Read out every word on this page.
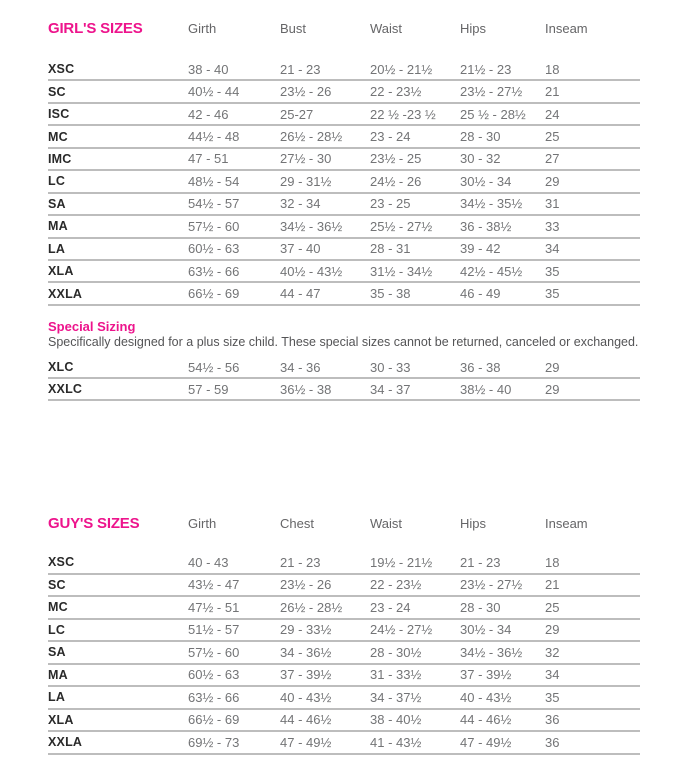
GIRL'S SIZES	Girth	Bust	Waist	Hips	Inseam
XSC	38 - 40	21 - 23	20½ - 21½	21½ - 23	18
SC	40½ - 44	23½ - 26	22 - 23½	23½ - 27½	21
ISC	42 - 46	25-27	22 ½ -23 ½	25 ½ - 28½	24
MC	44½ - 48	26½ - 28½	23 - 24	28 - 30	25
IMC	47 - 51	27½ - 30	23½ - 25	30 - 32	27
LC	48½ - 54	29 - 31½	24½ - 26	30½ - 34	29
SA	54½ - 57	32 - 34	23 - 25	34½ - 35½	31
MA	57½ - 60	34½ - 36½	25½ - 27½	36 - 38½	33
LA	60½ - 63	37 - 40	28 - 31	39 - 42	34
XLA	63½ - 66	40½ - 43½	31½ - 34½	42½ - 45½	35
XXLA	66½ - 69	44 - 47	35 - 38	46 - 49	35
Special Sizing
Specifically designed for a plus size child. These special sizes cannot be returned, canceled or exchanged.
XLC	54½ - 56	34 - 36	30 - 33	36 - 38	29
XXLC	57 - 59	36½ - 38	34 - 37	38½ - 40	29
GUY'S SIZES	Girth	Chest	Waist	Hips	Inseam
XSC	40 - 43	21 - 23	19½ - 21½	21 - 23	18
SC	43½ - 47	23½ - 26	22 - 23½	23½ - 27½	21
MC	47½ - 51	26½ - 28½	23 - 24	28 - 30	25
LC	51½ - 57	29 - 33½	24½ - 27½	30½ - 34	29
SA	57½ - 60	34 - 36½	28 - 30½	34½ - 36½	32
MA	60½ - 63	37 - 39½	31 - 33½	37 - 39½	34
LA	63½ - 66	40 - 43½	34 - 37½	40 - 43½	35
XLA	66½ - 69	44 - 46½	38 - 40½	44 - 46½	36
XXLA	69½ - 73	47 - 49½	41 - 43½	47 - 49½	36
